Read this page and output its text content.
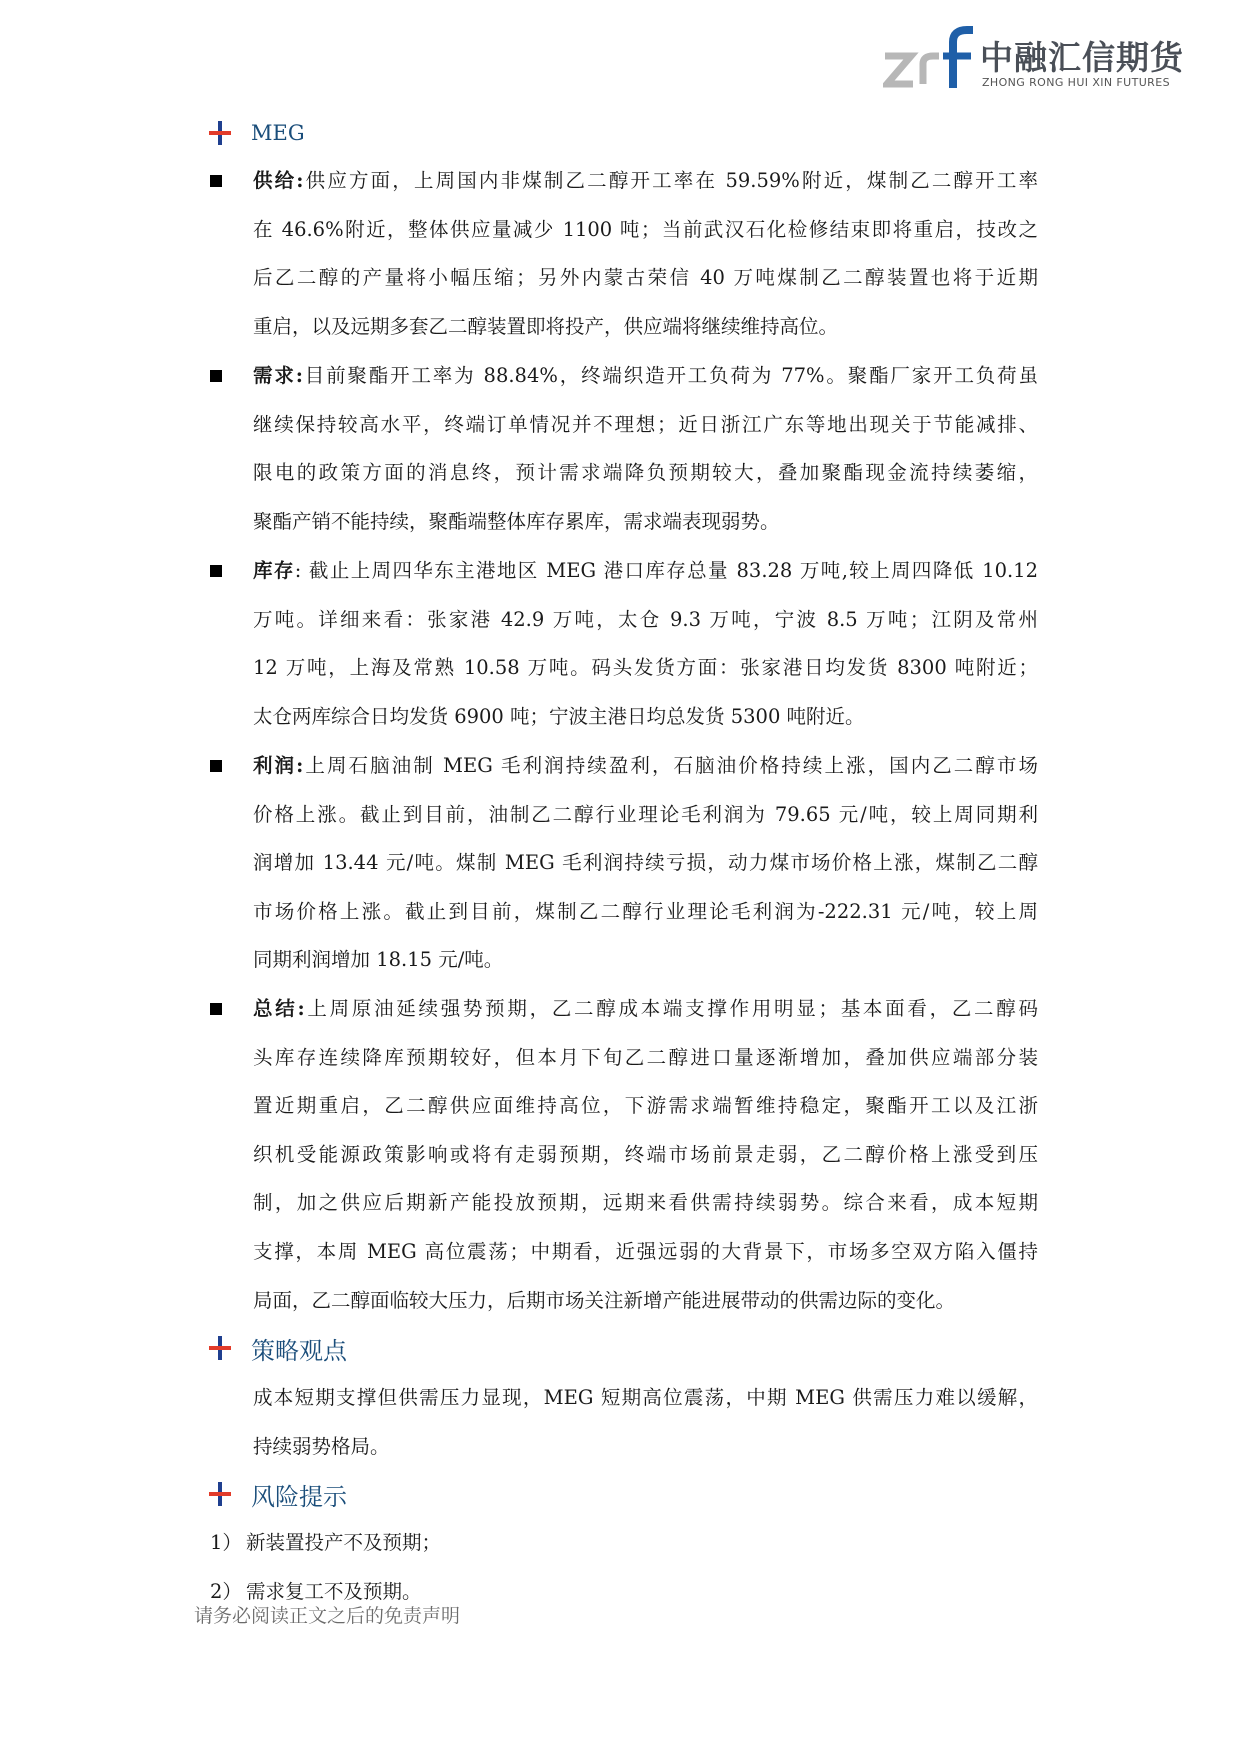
中融汇信期货
ZHONG RONG HUI XIN FUTURES
MEG
供给:供应方面，上周国内非煤制乙二醇开工率在 59.59%附近，煤制乙二醇开工率
在 46.6%附近，整体供应量减少 1100 吨；当前武汉石化检修结束即将重启，技改之
后乙二醇的产量将小幅压缩；另外内蒙古荣信 40 万吨煤制乙二醇装置也将于近期
重启，以及远期多套乙二醇装置即将投产，供应端将继续维持高位。
需求:目前聚酯开工率为 88.84%，终端织造开工负荷为 77%。聚酯厂家开工负荷虽
继续保持较高水平，终端订单情况并不理想；近日浙江广东等地出现关于节能减排、
限电的政策方面的消息终，预计需求端降负预期较大，叠加聚酯现金流持续萎缩，
聚酯产销不能持续，聚酯端整体库存累库，需求端表现弱势。
库存: 截止上周四华东主港地区 MEG 港口库存总量 83.28 万吨,较上周四降低 10.12
万吨。详细来看：张家港 42.9 万吨，太仓 9.3 万吨，宁波 8.5 万吨；江阴及常州
12 万吨，上海及常熟 10.58 万吨。码头发货方面：张家港日均发货 8300 吨附近；
太仓两库综合日均发货 6900 吨；宁波主港日均总发货 5300 吨附近。
利润:上周石脑油制 MEG 毛利润持续盈利，石脑油价格持续上涨，国内乙二醇市场
价格上涨。截止到目前，油制乙二醇行业理论毛利润为 79.65 元/吨，较上周同期利
润增加 13.44 元/吨。煤制 MEG 毛利润持续亏损，动力煤市场价格上涨，煤制乙二醇
市场价格上涨。截止到目前，煤制乙二醇行业理论毛利润为-222.31 元/吨，较上周
同期利润增加 18.15 元/吨。
总结:上周原油延续强势预期，乙二醇成本端支撑作用明显；基本面看，乙二醇码
头库存连续降库预期较好，但本月下旬乙二醇进口量逐渐增加，叠加供应端部分装
置近期重启，乙二醇供应面维持高位，下游需求端暂维持稳定，聚酯开工以及江浙
织机受能源政策影响或将有走弱预期，终端市场前景走弱，乙二醇价格上涨受到压
制，加之供应后期新产能投放预期，远期来看供需持续弱势。综合来看，成本短期
支撑，本周 MEG 高位震荡；中期看，近强远弱的大背景下，市场多空双方陷入僵持
局面，乙二醇面临较大压力，后期市场关注新增产能进展带动的供需边际的变化。
策略观点
成本短期支撑但供需压力显现，MEG 短期高位震荡，中期 MEG 供需压力难以缓解，
持续弱势格局。
风险提示
1） 新装置投产不及预期；
2） 需求复工不及预期。
请务必阅读正文之后的免责声明
